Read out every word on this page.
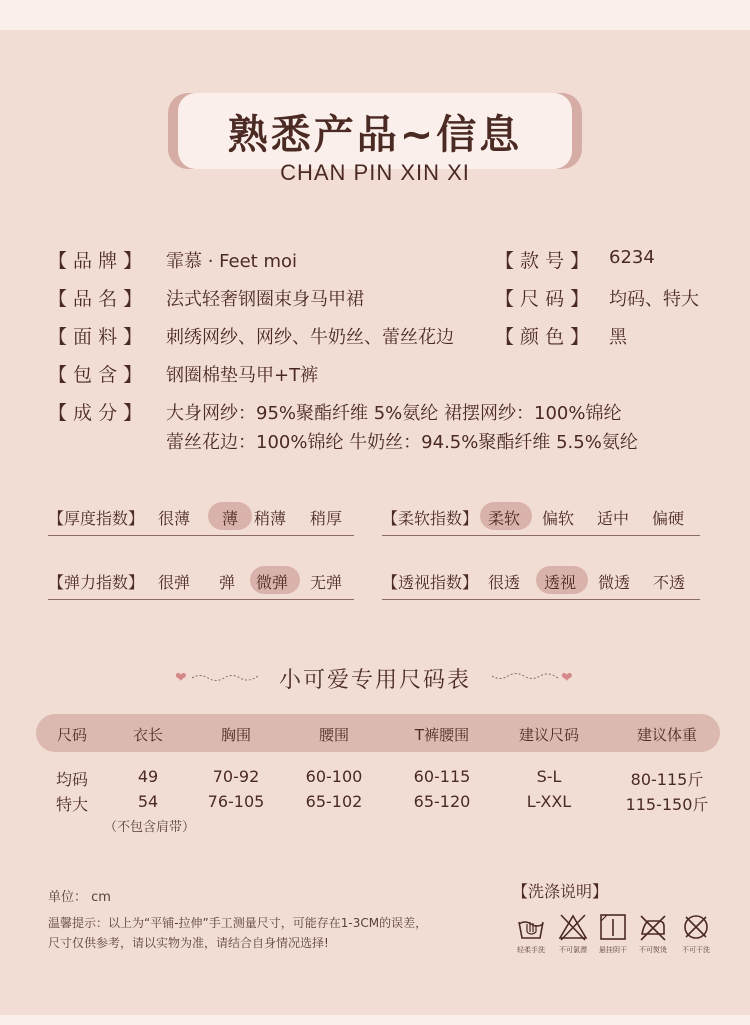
熟悉产品~信息
CHAN PIN XIN XI
【 品 牌 】 霏慕 · Feet moi	【 款 号 】 6234
【 品 名 】 法式轻奢钢圈束身马甲裙	【 尺 码 】 均码、特大
【 面 料 】 刺绣网纱、网纱、牛奶丝、蕾丝花边 【 颜 色 】 黑
【 包 含 】 钢圈棉垫马甲+T裤
【 成 分 】 大身网纱：95%聚酯纤维 5%氨纶 裙摆网纱：100%锦纶
蕾丝花边：100%锦纶 牛奶丝：94.5%聚酯纤维 5.5%氨纶
【厚度指数】 很薄 薄 稍薄 稍厚 【柔软指数】 柔软 偏软 适中 偏硬
【弹力指数】 很弹 弹 微弹 无弹 【透视指数】 很透 透视 微透 不透
❤	小可爱专用尺码表	❤
尺码	衣长	胸围	腰围	T裤腰围	建议尺码	建议体重
均码	49	70-92	60-100	60-115	S-L	80-115斤
特大	54	76-105	65-102	65-120	L-XXL	115-150斤
（不包含肩带）
单位： cm
温馨提示：以上为“平铺-拉伸”手工测量尺寸，可能存在1-3CM的误差，
尺寸仅供参考，请以实物为准，请结合自身情况选择!
【洗涤说明】
轻柔手洗	不可氯漂	悬挂阴干	不可熨烫	不可干洗
